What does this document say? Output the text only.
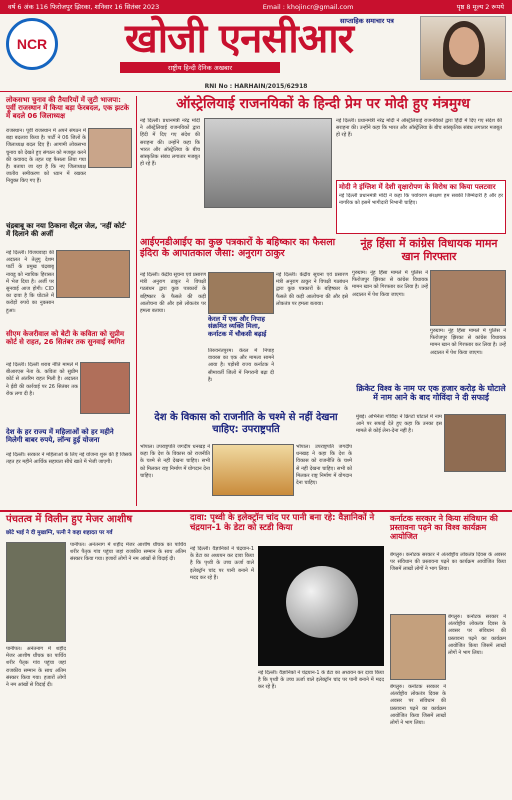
वर्ष 6 अंक 116 फिरोजपुर झिरका, शनिवार 16 सितंबर 2023	Email : khojincr@gmail.com	पृष्ठ 8 मूल्य 2 रूपये
NCR	खोजी एनसीआर
साप्ताहिक समाचार पत्र
राष्ट्रीय हिन्दी दैनिक अखबार
RNI No : HARHAIN/2015/62918
लोकसभा चुनाव की तैयारियों में जुटी भाजपा: पूर्वी राजस्थान में किया बड़ा फेरबदल, एक झटके में बदले 06 जिलाध्यक्ष
राजस्थान। पूर्वी राजस्थान में अपने संगठन में बड़ा बदलाव किया है। पार्टी ने 06 जिलों के जिलाध्यक्ष बदल दिए हैं। आगामी लोकसभा चुनाव को देखते हुए संगठन को मजबूत करने की कवायद के तहत यह फैसला लिया गया है। बताया जा रहा है कि नए जिलाध्यक्ष जातीय समीकरण को ध्यान में रखकर नियुक्त किए गए हैं।
चंद्रबाबू का नया ठिकाना सेंट्रल जेल, 'नहीं कोर्ट' में दिलाने की अर्जी
नई दिल्ली। विजयवाड़ा की अदालत ने तेलुगु देशम पार्टी के प्रमुख चंद्रबाबू नायडू को न्यायिक हिरासत में भेज दिया है। अर्जी पर सुनवाई आज होगी। CID का दावा है कि घोटाले में करोड़ों रुपये का नुकसान हुआ।
सीएम केजरीवाल को बेटी के कविता को सुप्रीम कोर्ट से राहत, 26 सितंबर तक सुनवाई स्थगित
नई दिल्ली। दिल्ली शराब नीति मामले में बीआरएस नेता के. कविता को सुप्रीम कोर्ट से अंतरिम राहत मिली है। अदालत ने ईडी की कार्रवाई पर 26 सितंबर तक रोक लगा दी है।
देश के हर राज्य में महिलाओं को हर महीने मिलेगी बाबर रुपये, लॉन्च हुई योजना
नई दिल्ली। सरकार ने महिलाओं के लिए नई योजना शुरू की है जिसके तहत हर महीने आर्थिक सहायता सीधे खाते में भेजी जाएगी।
ऑस्ट्रेलियाई राजनयिकों के हिन्दी प्रेम पर मोदी हुए मंत्रमुग्ध
नई दिल्ली। प्रधानमंत्री नरेंद्र मोदी ने ऑस्ट्रेलियाई राजनयिकों द्वारा हिंदी में दिए गए संदेश की सराहना की। उन्होंने कहा कि भारत और ऑस्ट्रेलिया के बीच सांस्कृतिक संबंध लगातार मजबूत हो रहे हैं।
नई दिल्ली। प्रधानमंत्री नरेंद्र मोदी ने ऑस्ट्रेलियाई राजनयिकों द्वारा हिंदी में दिए गए संदेश की सराहना की। उन्होंने कहा कि भारत और ऑस्ट्रेलिया के बीच सांस्कृतिक संबंध लगातार मजबूत हो रहे हैं।
मोदी ने इंग्लिश में देशी वृक्षारोपण के विरोध का किया पलटवार
नई दिल्ली प्रधानमंत्री मोदी ने कहा कि पर्यावरण संरक्षण हम सबकी जिम्मेदारी है और हर नागरिक को इसमें भागीदारी निभानी चाहिए।
आईएनडीआईए का कुछ पत्रकारों के बहिष्कार का फैसला इंदिरा के आपातकाल जैसा: अनुराग ठाकुर
नई दिल्ली। केंद्रीय सूचना एवं प्रसारण मंत्री अनुराग ठाकुर ने विपक्षी गठबंधन द्वारा कुछ पत्रकारों के बहिष्कार के फैसले की कड़ी आलोचना की और इसे लोकतंत्र पर हमला बताया।
नई दिल्ली। केंद्रीय सूचना एवं प्रसारण मंत्री अनुराग ठाकुर ने विपक्षी गठबंधन द्वारा कुछ पत्रकारों के बहिष्कार के फैसले की कड़ी आलोचना की और इसे लोकतंत्र पर हमला बताया।
केरल में एक और निपाह संक्रमित व्यक्ति मिला, कर्नाटक में चौकसी बढ़ाई
तिरुवनंतपुरम। केरल में निपाह वायरस का एक और मामला सामने आया है। पड़ोसी राज्य कर्नाटक ने सीमावर्ती जिलों में निगरानी बढ़ा दी है।
नूंह हिंसा में कांग्रेस विधायक मामन खान गिरफ्तार
गुरुग्राम। नूंह हिंसा मामले में पुलिस ने फिरोजपुर झिरका से कांग्रेस विधायक मामन खान को गिरफ्तार कर लिया है। उन्हें अदालत में पेश किया जाएगा।
गुरुग्राम। नूंह हिंसा मामले में पुलिस ने फिरोजपुर झिरका से कांग्रेस विधायक मामन खान को गिरफ्तार कर लिया है। उन्हें अदालत में पेश किया जाएगा।
देश के विकास को राजनीति के चश्मे से नहीं देखना चाहिए: उपराष्ट्रपति
भोपाल। उपराष्ट्रपति जगदीप धनखड़ ने कहा कि देश के विकास को राजनीति के चश्मे से नहीं देखना चाहिए। सभी को मिलकर राष्ट्र निर्माण में योगदान देना चाहिए।
भोपाल। उपराष्ट्रपति जगदीप धनखड़ ने कहा कि देश के विकास को राजनीति के चश्मे से नहीं देखना चाहिए। सभी को मिलकर राष्ट्र निर्माण में योगदान देना चाहिए।
क्रिकेट विश्व के नाम पर एक हजार करोड़ के घोटाले में नाम आने के बाद गोविंदा ने दी सफाई
मुंबई। अभिनेता गोविंदा ने क्रिप्टो घोटाले में नाम आने पर सफाई देते हुए कहा कि उनका इस मामले से कोई लेना-देना नहीं है।
पंचतत्व में विलीन हुए मेजर आशीष
छोटे भाई ने दी मुखाग्नि, पत्नी ने कहा शहादत पर गर्व
पानीपत। अनंतनाग में शहीद मेजर आशीष धौंचक का पार्थिव शरीर पैतृक गांव पहुंचा जहां राजकीय सम्मान के साथ अंतिम संस्कार किया गया। हजारों लोगों ने नम आंखों से विदाई दी।
पानीपत। अनंतनाग में शहीद मेजर आशीष धौंचक का पार्थिव शरीर पैतृक गांव पहुंचा जहां राजकीय सम्मान के साथ अंतिम संस्कार किया गया। हजारों लोगों ने नम आंखों से विदाई दी।
दावा: पृथ्वी के इलेक्ट्रॉन चांद पर पानी बना रहे: वैज्ञानिकों ने चंद्रयान-1 के डेटा को स्टडी किया
नई दिल्ली। वैज्ञानिकों ने चंद्रयान-1 के डेटा का अध्ययन कर दावा किया है कि पृथ्वी के उच्च ऊर्जा वाले इलेक्ट्रॉन चांद पर पानी बनाने में मदद कर रहे हैं।
नई दिल्ली। वैज्ञानिकों ने चंद्रयान-1 के डेटा का अध्ययन कर दावा किया है कि पृथ्वी के उच्च ऊर्जा वाले इलेक्ट्रॉन चांद पर पानी बनाने में मदद कर रहे हैं।
कर्नाटक सरकार ने किया संविधान की प्रस्तावना पढ़ने का विश्व कार्यक्रम आयोजित
बेंगलुरु। कर्नाटक सरकार ने अंतर्राष्ट्रीय लोकतंत्र दिवस के अवसर पर संविधान की प्रस्तावना पढ़ने का कार्यक्रम आयोजित किया जिसमें लाखों लोगों ने भाग लिया।
बेंगलुरु। कर्नाटक सरकार ने अंतर्राष्ट्रीय लोकतंत्र दिवस के अवसर पर संविधान की प्रस्तावना पढ़ने का कार्यक्रम आयोजित किया जिसमें लाखों लोगों ने भाग लिया।
बेंगलुरु। कर्नाटक सरकार ने अंतर्राष्ट्रीय लोकतंत्र दिवस के अवसर पर संविधान की प्रस्तावना पढ़ने का कार्यक्रम आयोजित किया जिसमें लाखों लोगों ने भाग लिया।
